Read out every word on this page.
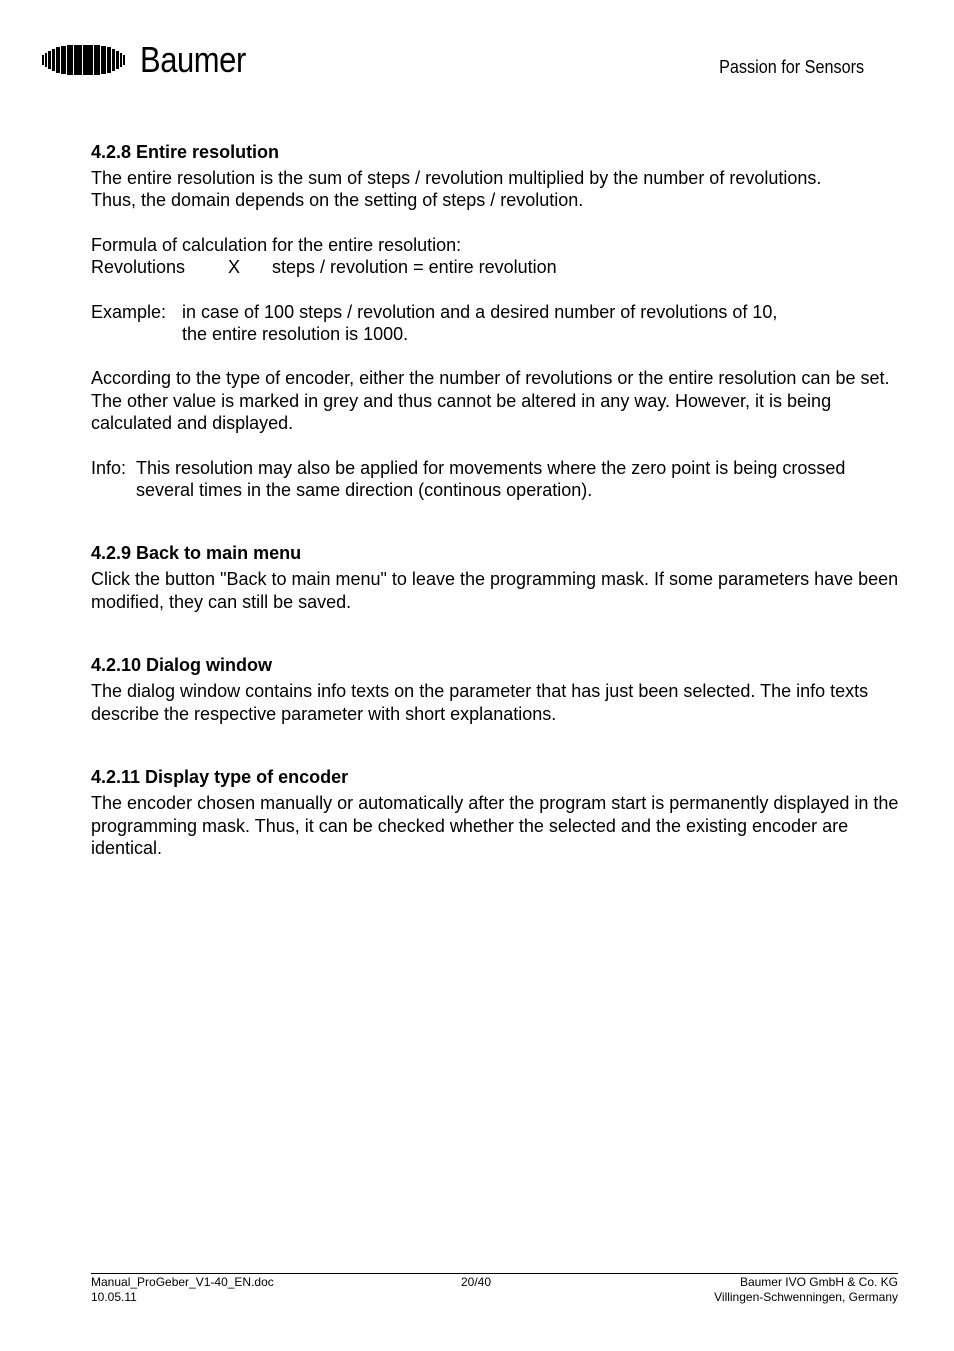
Baumer	Passion for Sensors
4.2.8 Entire resolution

The entire resolution is the sum of steps / revolution multiplied by the number of revolutions.

Thus, the domain depends on the setting of steps / revolution.

Formula of calculation for the entire resolution:

Revolutions X steps / revolution = entire revolution

Example: in case of 100 steps / revolution and a desired number of revolutions of 10,

the entire resolution is 1000.

According to the type of encoder, either the number of revolutions or the entire resolution can be set. The other value is marked in grey and thus cannot be altered in any way. However, it is being calculated and displayed.

Info: This resolution may also be applied for movements where the zero point is being crossed several times in the same direction (continous operation).
4.2.9 Back to main menu

Click the button "Back to main menu" to leave the programming mask. If some parameters have been modified, they can still be saved.

4.2.10 Dialog window

The dialog window contains info texts on the parameter that has just been selected. The info texts describe the respective parameter with short explanations.

4.2.11 Display type of encoder

The encoder chosen manually or automatically after the program start is permanently displayed in the programming mask. Thus, it can be checked whether the selected and the existing encoder are identical.

Manual_ProGeber_V1-40_EN.doc
10.05.11
20/40	Baumer IVO GmbH & Co. KG
Villingen-Schwenningen, Germany
